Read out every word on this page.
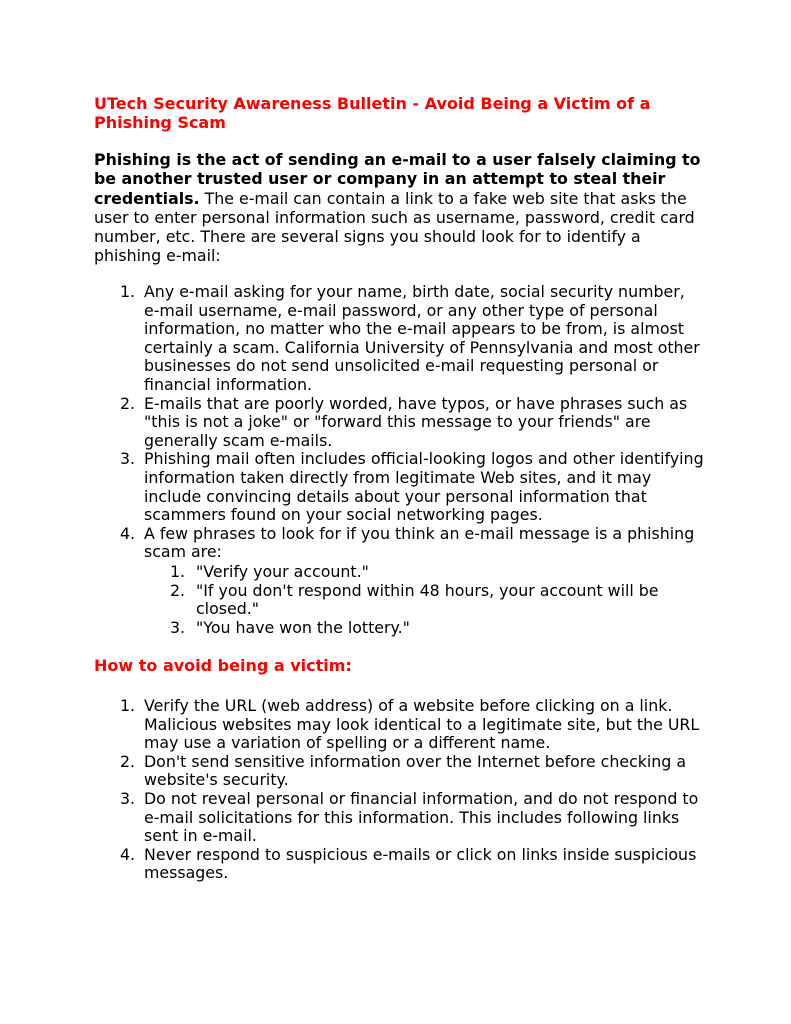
UTech Security Awareness Bulletin - Avoid Being a Victim of a Phishing Scam

Phishing is the act of sending an e-mail to a user falsely claiming to be another trusted user or company in an attempt to steal their credentials. The e-mail can contain a link to a fake web site that asks the user to enter personal information such as username, password, credit card number, etc. There are several signs you should look for to identify a phishing e-mail:

1. Any e-mail asking for your name, birth date, social security number, e-mail username, e-mail password, or any other type of personal information, no matter who the e-mail appears to be from, is almost certainly a scam. California University of Pennsylvania and most other businesses do not send unsolicited e-mail requesting personal or financial information.
2. E-mails that are poorly worded, have typos, or have phrases such as "this is not a joke" or "forward this message to your friends" are generally scam e-mails.
3. Phishing mail often includes official-looking logos and other identifying information taken directly from legitimate Web sites, and it may include convincing details about your personal information that scammers found on your social networking pages.
4. A few phrases to look for if you think an e-mail message is a phishing scam are:
1. "Verify your account."
2. "If you don't respond within 48 hours, your account will be closed."
3. "You have won the lottery."
How to avoid being a victim:
1. Verify the URL (web address) of a website before clicking on a link. Malicious websites may look identical to a legitimate site, but the URL may use a variation of spelling or a different name.
2. Don't send sensitive information over the Internet before checking a website's security.
3. Do not reveal personal or financial information, and do not respond to e-mail solicitations for this information. This includes following links sent in e-mail.
4. Never respond to suspicious e-mails or click on links inside suspicious messages.
